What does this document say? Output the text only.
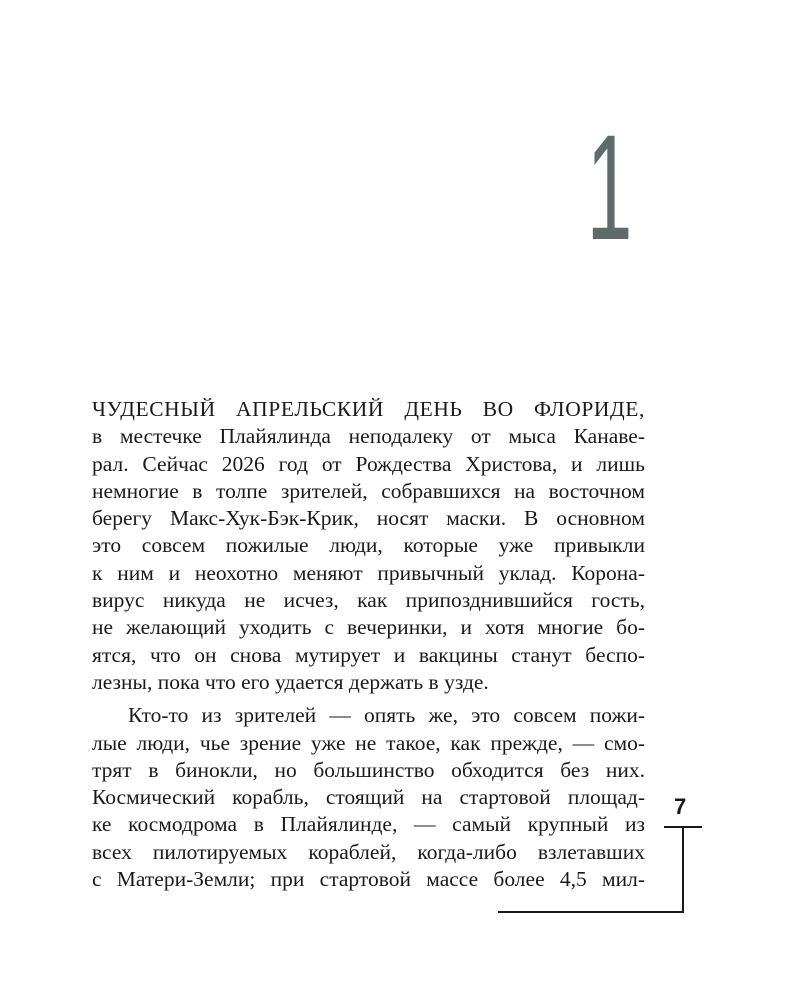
1
ЧУДЕСНЫЙ АПРЕЛЬСКИЙ ДЕНЬ ВО ФЛОРИДЕ,
в местечке Плайялинда неподалеку от мыса Канаве-
рал. Сейчас 2026 год от Рождества Христова, и лишь
немногие в толпе зрителей, собравшихся на восточном
берегу Макс-Хук-Бэк-Крик, носят маски. В основном
это совсем пожилые люди, которые уже привыкли
к ним и неохотно меняют привычный уклад. Корона-
вирус никуда не исчез, как припозднившийся гость,
не желающий уходить с вечеринки, и хотя многие бо-
ятся, что он снова мутирует и вакцины станут беспо-
лезны, пока что его удается держать в узде.
Кто-то из зрителей — опять же, это совсем пожи-
лые люди, чье зрение уже не такое, как прежде, — смо-
трят в бинокли, но большинство обходится без них.
Космический корабль, стоящий на стартовой площад-
ке космодрома в Плайялинде, — самый крупный из
всех пилотируемых кораблей, когда-либо взлетавших
с Матери-Земли; при стартовой массе более 4,5 мил-
7
